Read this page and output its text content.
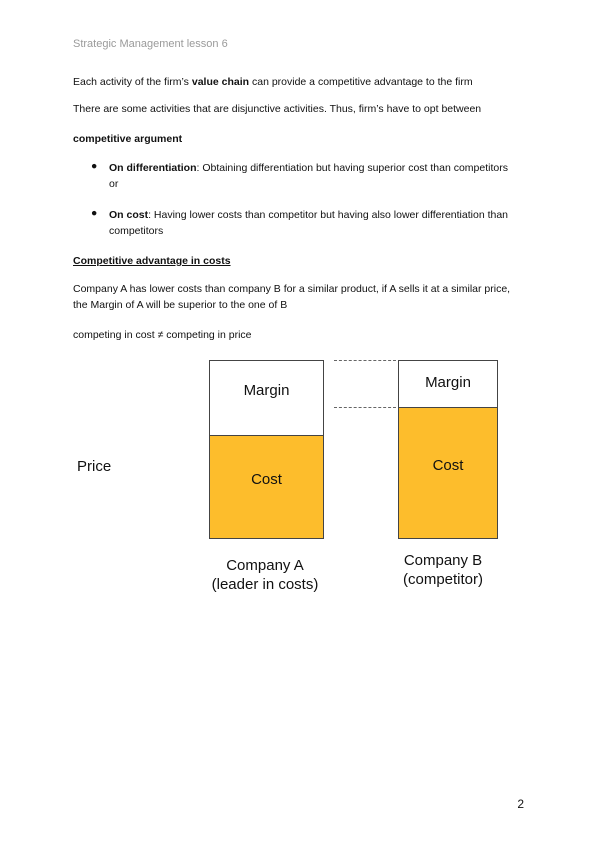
Strategic Management lesson 6
Each activity of the firm’s value chain can provide a competitive advantage to the firm
There are some activities that are disjunctive activities. Thus, firm’s have to opt between
competitive argument
● On differentiation: Obtaining differentiation but having superior cost than competitors or
● On cost: Having lower costs than competitor but having also lower differentiation than competitors
Competitive advantage in costs
Company A has lower costs than company B for a similar product, if A sells it at a similar price, the Margin of A will be superior to the one of B
competing in cost ≠ competing in price
Price
Margin
Cost
Margin
Cost
Company A
(leader in costs)
Company B
(competitor)
2
